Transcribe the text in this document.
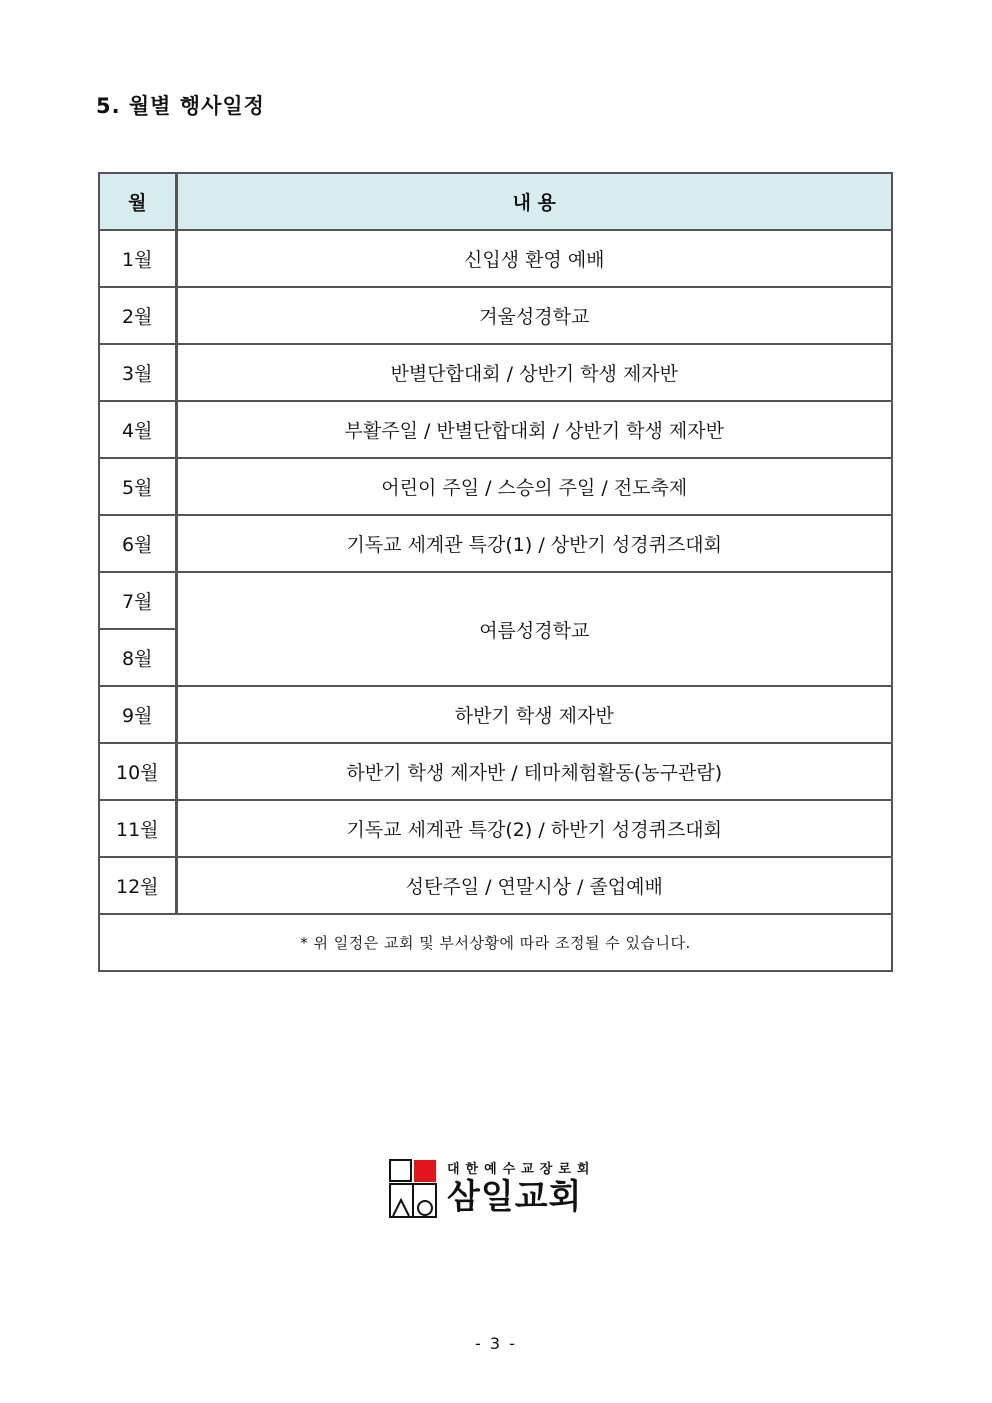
5. 월별 행사일정
월	내 용
1월	신입생 환영 예배
2월	겨울성경학교
3월	반별단합대회 / 상반기 학생 제자반
4월	부활주일 / 반별단합대회 / 상반기 학생 제자반
5월	어린이 주일 / 스승의 주일 / 전도축제
6월	기독교 세계관 특강(1) / 상반기 성경퀴즈대회
7월	여름성경학교
8월	
9월	하반기 학생 제자반
10월	하반기 학생 제자반 / 테마체험활동(농구관람)
11월	기독교 세계관 특강(2) / 하반기 성경퀴즈대회
12월	성탄주일 / 연말시상 / 졸업예배
* 위 일정은 교회 및 부서상황에 따라 조정될 수 있습니다.	
대한예수교장로회
삼일교회
- 3 -
